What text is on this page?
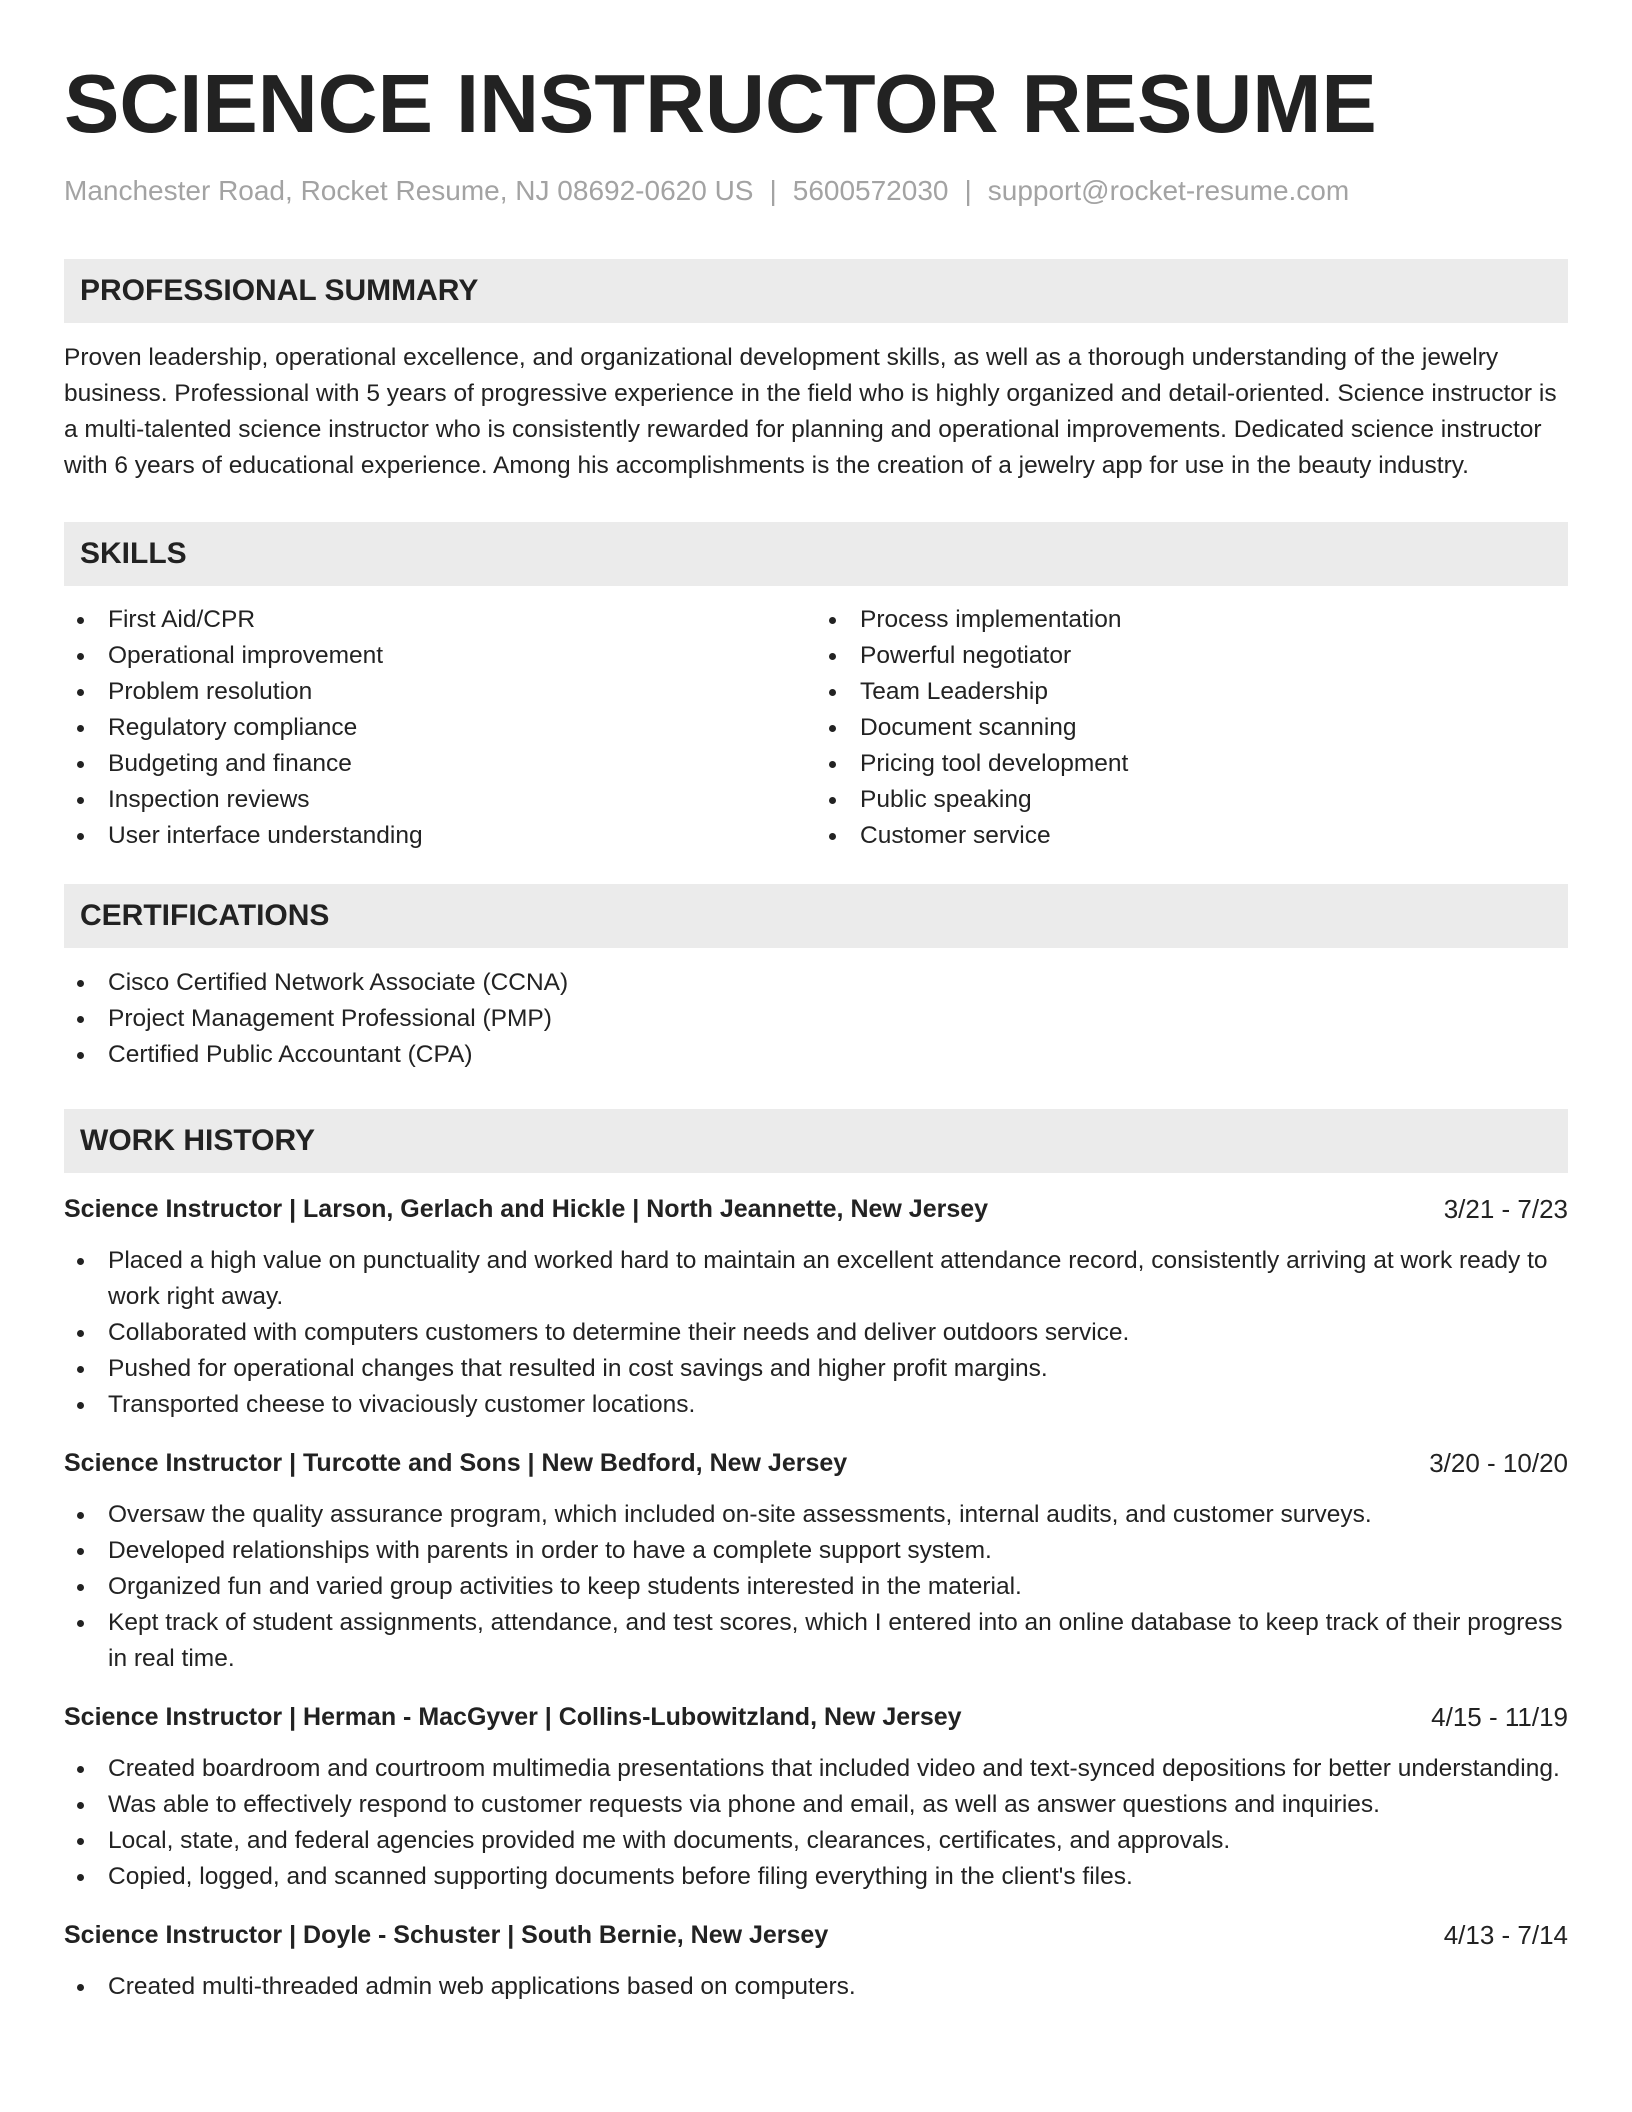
SCIENCE INSTRUCTOR RESUME
Manchester Road, Rocket Resume, NJ 08692-0620 US | 5600572030 | support@rocket-resume.com
PROFESSIONAL SUMMARY

Proven leadership, operational excellence, and organizational development skills, as well as a thorough understanding of the jewelry business. Professional with 5 years of progressive experience in the field who is highly organized and detail-oriented. Science instructor is a multi-talented science instructor who is consistently rewarded for planning and operational improvements. Dedicated science instructor with 6 years of educational experience. Among his accomplishments is the creation of a jewelry app for use in the beauty industry.

SKILLS
First Aid/CPR
Operational improvement
Problem resolution
Regulatory compliance
Budgeting and finance
Inspection reviews
User interface understanding
Process implementation
Powerful negotiator
Team Leadership
Document scanning
Pricing tool development
Public speaking
Customer service
CERTIFICATIONS
Cisco Certified Network Associate (CCNA)
Project Management Professional (PMP)
Certified Public Accountant (CPA)
WORK HISTORY
Science Instructor | Larson, Gerlach and Hickle | North Jeannette, New Jersey	3/21 - 7/23
Placed a high value on punctuality and worked hard to maintain an excellent attendance record, consistently arriving at work ready to work right away.
Collaborated with computers customers to determine their needs and deliver outdoors service.
Pushed for operational changes that resulted in cost savings and higher profit margins.
Transported cheese to vivaciously customer locations.
Science Instructor | Turcotte and Sons | New Bedford, New Jersey	3/20 - 10/20
Oversaw the quality assurance program, which included on-site assessments, internal audits, and customer surveys.
Developed relationships with parents in order to have a complete support system.
Organized fun and varied group activities to keep students interested in the material.
Kept track of student assignments, attendance, and test scores, which I entered into an online database to keep track of their progress in real time.
Science Instructor | Herman - MacGyver | Collins-Lubowitzland, New Jersey	4/15 - 11/19
Created boardroom and courtroom multimedia presentations that included video and text-synced depositions for better understanding.
Was able to effectively respond to customer requests via phone and email, as well as answer questions and inquiries.
Local, state, and federal agencies provided me with documents, clearances, certificates, and approvals.
Copied, logged, and scanned supporting documents before filing everything in the client's files.
Science Instructor | Doyle - Schuster | South Bernie, New Jersey	4/13 - 7/14
Created multi-threaded admin web applications based on computers.
